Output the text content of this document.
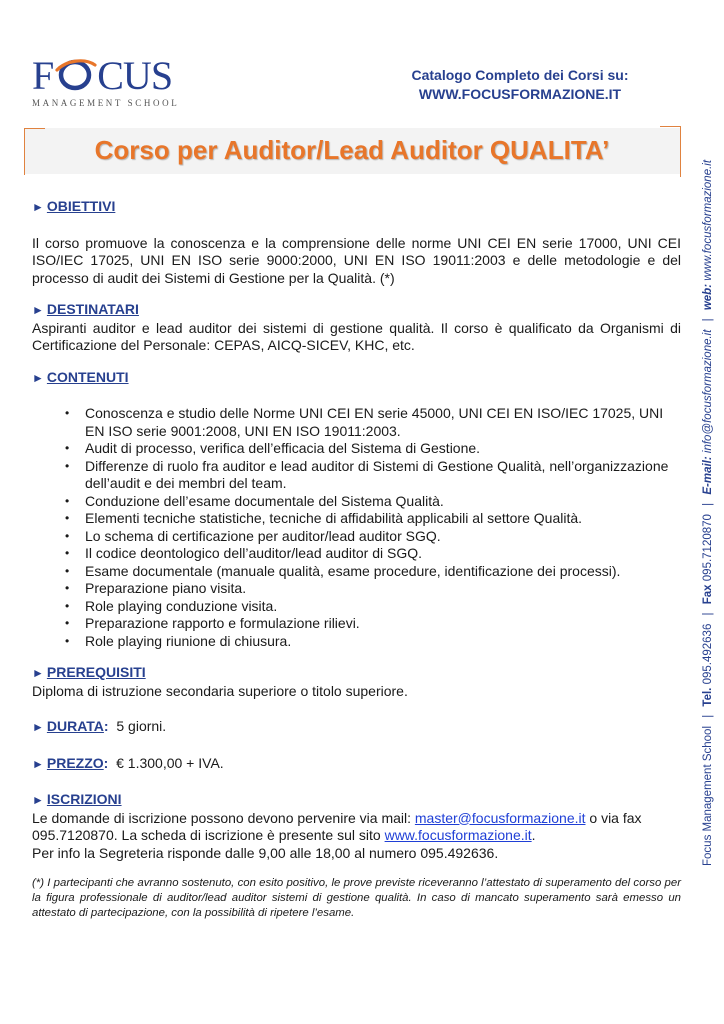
F CUS
MANAGEMENT SCHOOL
Catalogo Completo dei Corsi su:
WWW.FOCUSFORMAZIONE.IT
Corso per Auditor/Lead Auditor QUALITA’
► OBIETTIVI

Il corso promuove la conoscenza e la comprensione delle norme UNI CEI EN serie 17000, UNI CEI ISO/IEC 17025, UNI EN ISO serie 9000:2000, UNI EN ISO 19011:2003 e delle metodologie e del processo di audit dei Sistemi di Gestione per la Qualità. (*)

► DESTINATARI

Aspiranti auditor e lead auditor dei sistemi di gestione qualità. Il corso è qualificato da Organismi di Certificazione del Personale: CEPAS, AICQ-SICEV, KHC, etc.

► CONTENUTI
• Conoscenza e studio delle Norme UNI CEI EN serie 45000, UNI CEI EN ISO/IEC 17025, UNI EN ISO serie 9001:2008, UNI EN ISO 19011:2003.
• Audit di processo, verifica dell’efficacia del Sistema di Gestione.
• Differenze di ruolo fra auditor e lead auditor di Sistemi di Gestione Qualità, nell’organizzazione dell’audit e dei membri del team.
• Conduzione dell’esame documentale del Sistema Qualità.
• Elementi tecniche statistiche, tecniche di affidabilità applicabili al settore Qualità.
• Lo schema di certificazione per auditor/lead auditor SGQ.
• Il codice deontologico dell’auditor/lead auditor di SGQ.
• Esame documentale (manuale qualità, esame procedure, identificazione dei processi).
• Preparazione piano visita.
• Role playing conduzione visita.
• Preparazione rapporto e formulazione rilievi.
• Role playing riunione di chiusura.
► PREREQUISITI

Diploma di istruzione secondaria superiore o titolo superiore.

► DURATA: 5 giorni.
► PREZZO: € 1.300,00 + IVA.
► ISCRIZIONI

Le domande di iscrizione possono devono pervenire via mail: master@focusformazione.it o via fax 095.7120870. La scheda di iscrizione è presente sul sito www.focusformazione.it.

Per info la Segreteria risponde dalle 9,00 alle 18,00 al numero 095.492636.

(*) I partecipanti che avranno sostenuto, con esito positivo, le prove previste riceveranno l’attestato di superamento del corso per la figura professionale di auditor/lead auditor sistemi di gestione qualità. In caso di mancato superamento sarà emesso un attestato di partecipazione, con la possibilità di ripetere l’esame.

Focus Management School | Tel. 095.492636 | Fax 095.7120870 | E-mail: info@focusformazione.it | web: www.focusformazione.it
